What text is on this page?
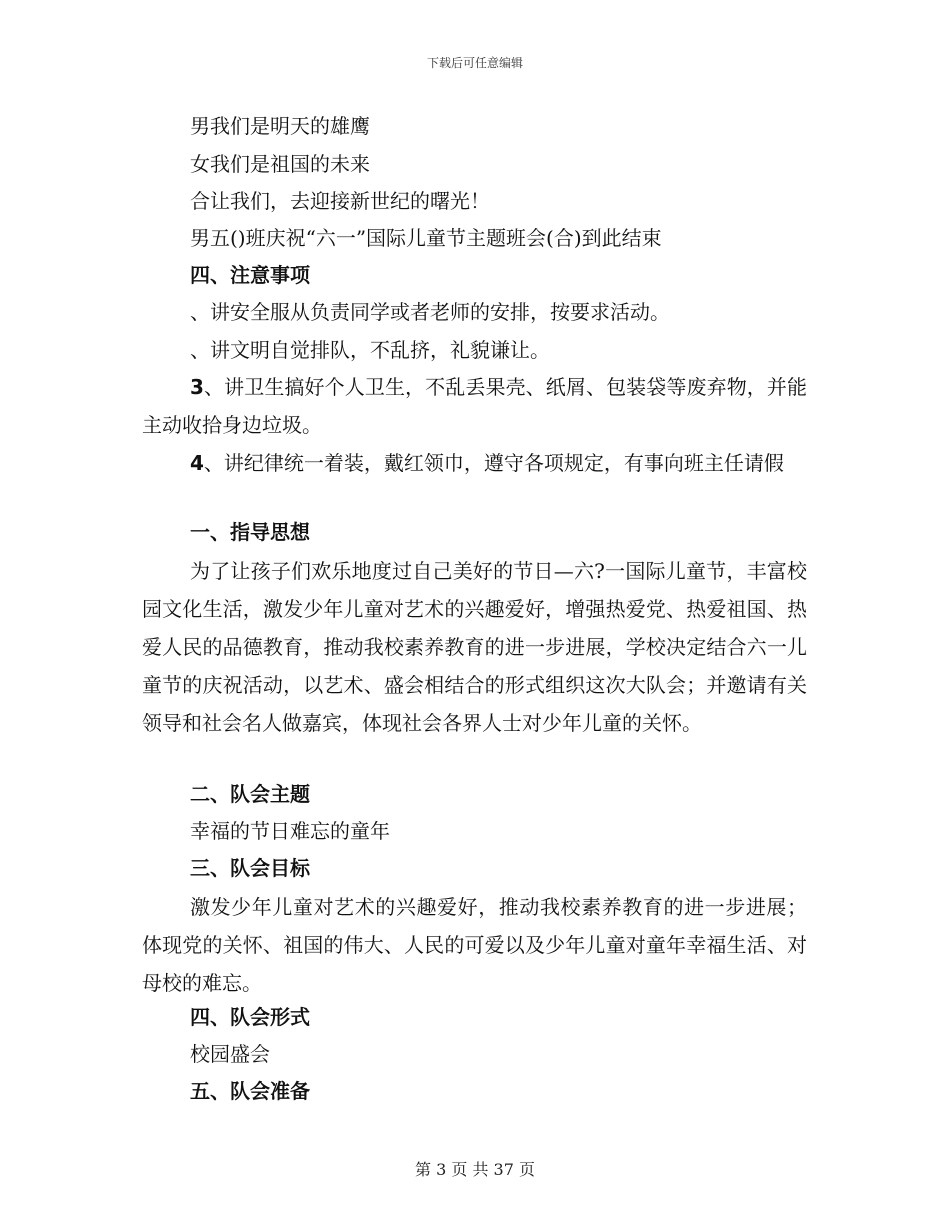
下载后可任意编辑
男我们是明天的雄鹰
女我们是祖国的未来
合让我们，去迎接新世纪的曙光！
男五()班庆祝“六一”国际儿童节主题班会(合)到此结束
四、注意事项
、讲安全服从负责同学或者老师的安排，按要求活动。
、讲文明自觉排队，不乱挤，礼貌谦让。
3、讲卫生搞好个人卫生，不乱丢果壳、纸屑、包装袋等废弃物，并能主动收拾身边垃圾。
4、讲纪律统一着装，戴红领巾，遵守各项规定，有事向班主任请假
一、指导思想
为了让孩子们欢乐地度过自己美好的节日—六?一国际儿童节，丰富校园文化生活，激发少年儿童对艺术的兴趣爱好，增强热爱党、热爱祖国、热爱人民的品德教育，推动我校素养教育的进一步进展，学校决定结合六一儿童节的庆祝活动，以艺术、盛会相结合的形式组织这次大队会；并邀请有关领导和社会名人做嘉宾，体现社会各界人士对少年儿童的关怀。
二、队会主题
幸福的节日难忘的童年
三、队会目标
激发少年儿童对艺术的兴趣爱好，推动我校素养教育的进一步进展；体现党的关怀、祖国的伟大、人民的可爱以及少年儿童对童年幸福生活、对母校的难忘。
四、队会形式
校园盛会
五、队会准备
第 3 页 共 37 页
